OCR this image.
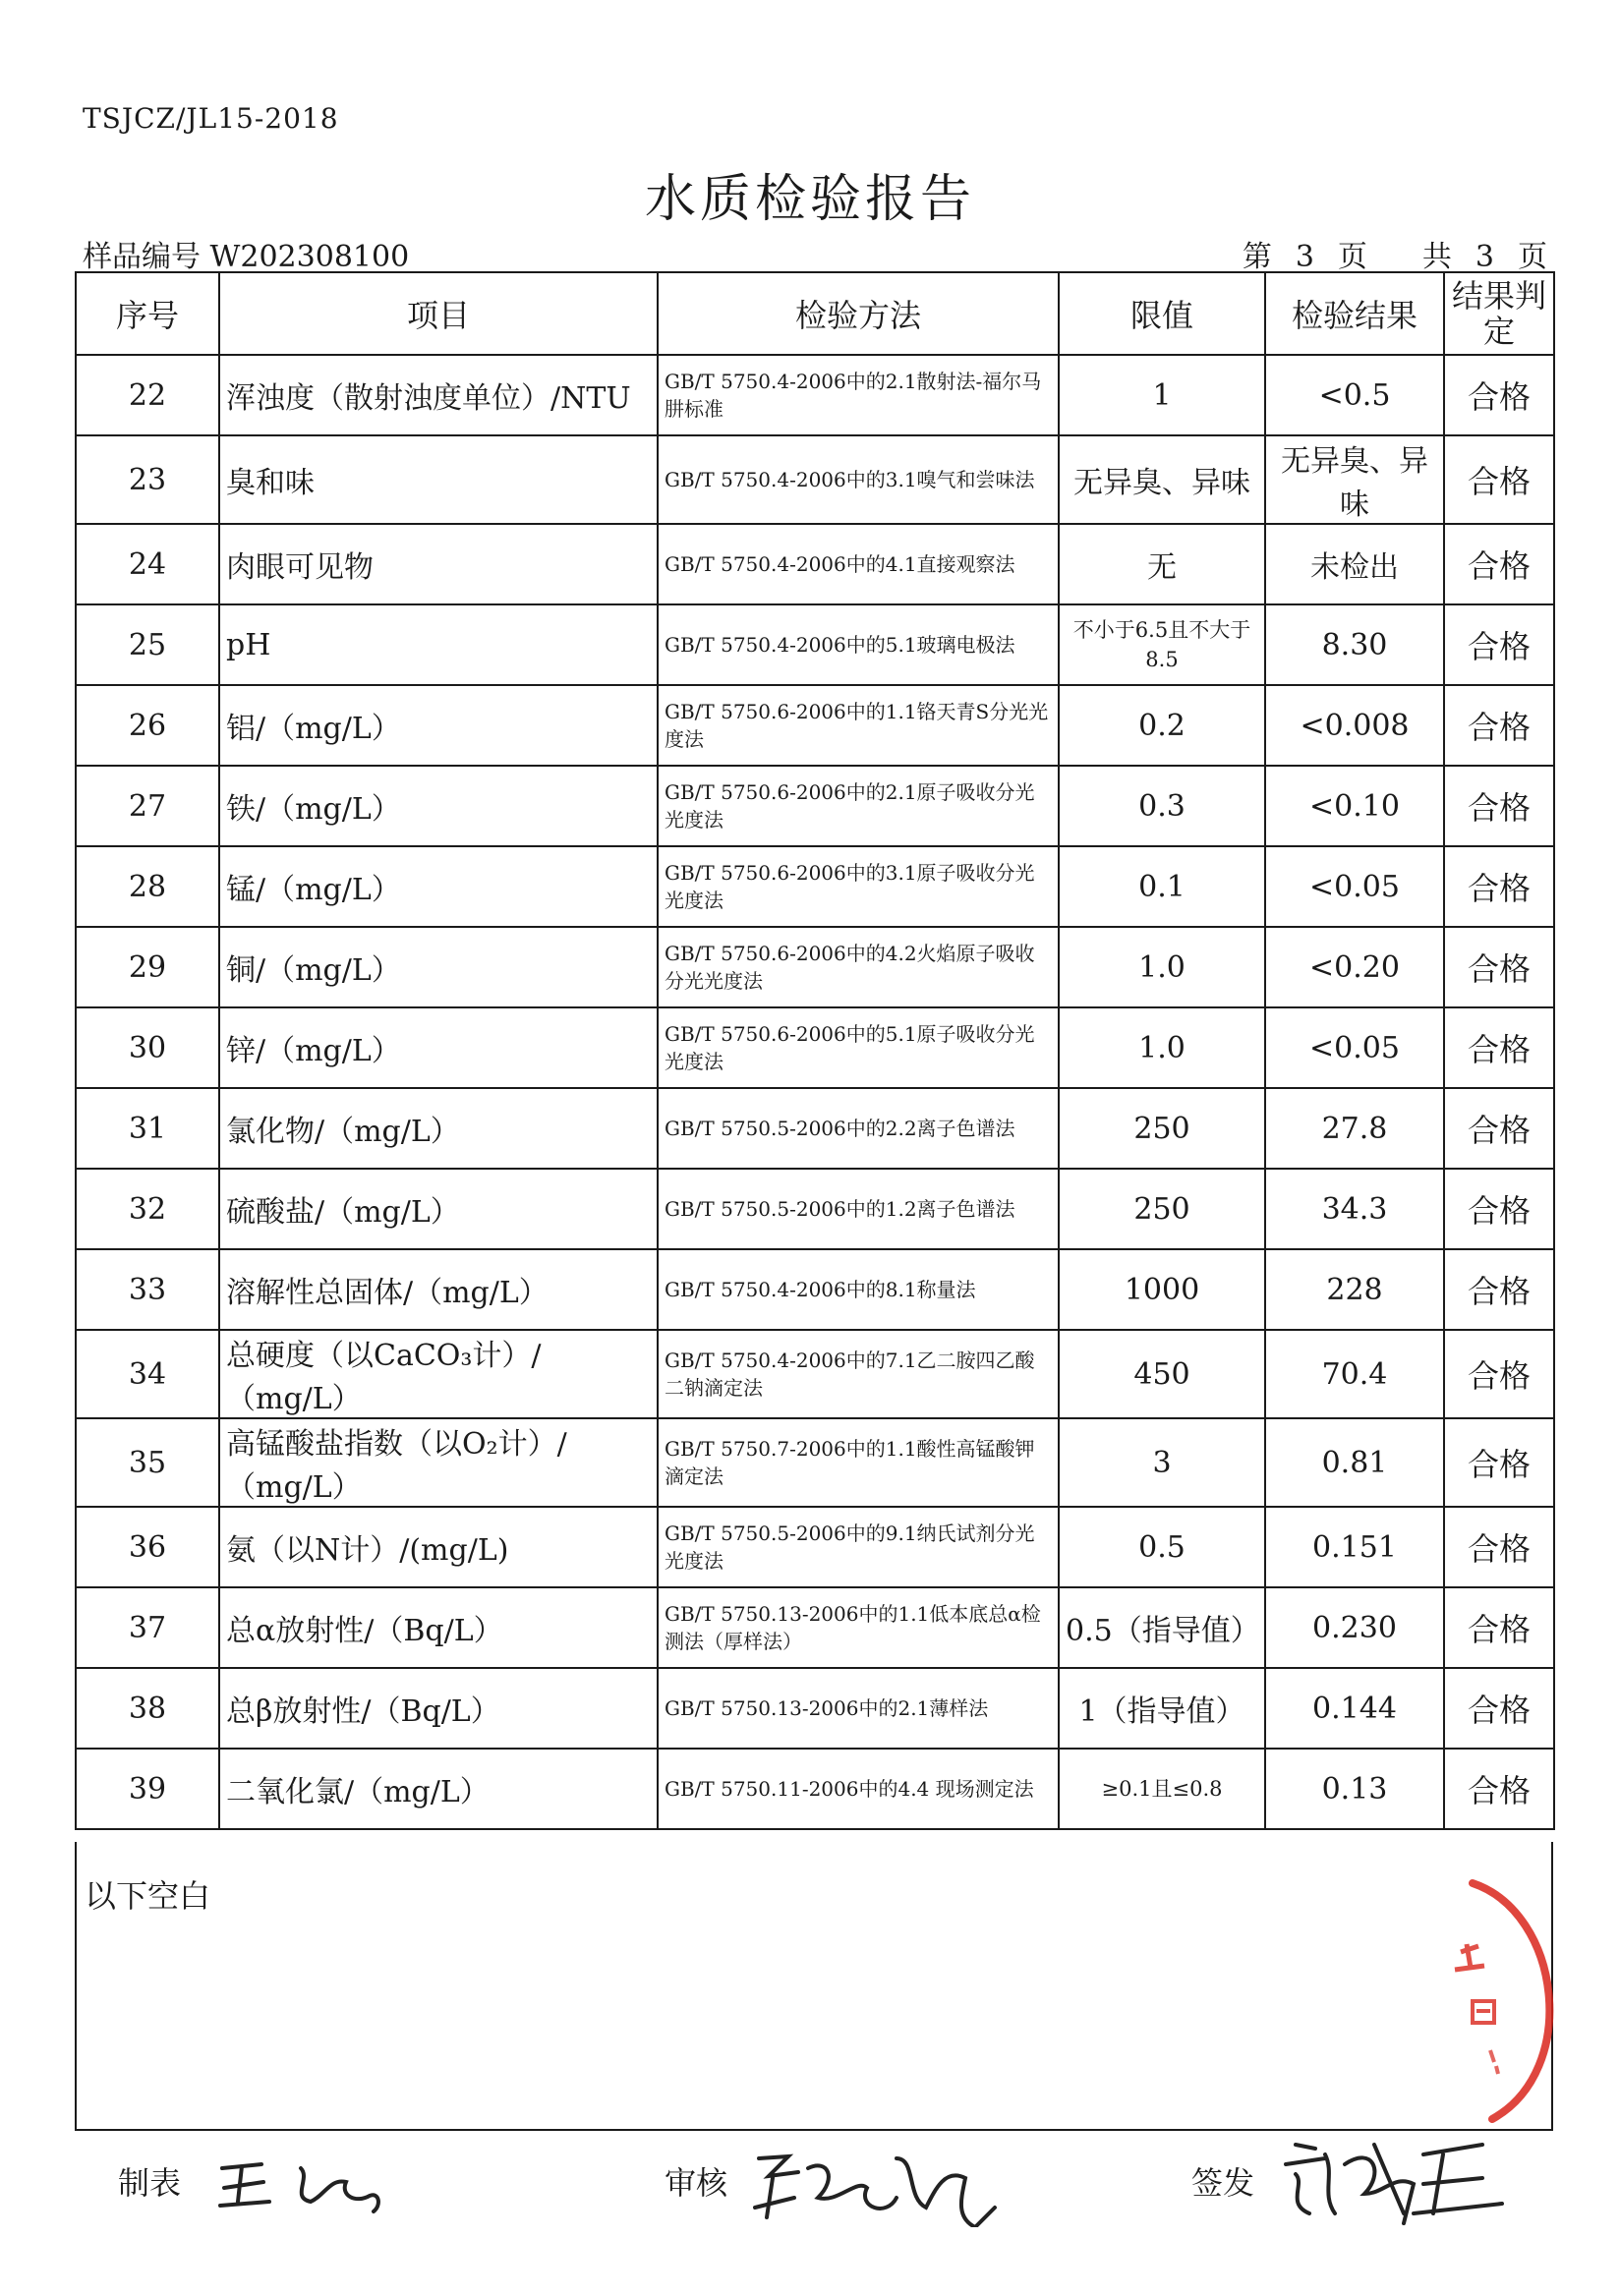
TSJCZ/JL15-2018
水质检验报告
样品编号 W202308100	第 3 页 共 3 页
序号	项目	检验方法	限值	检验结果	结果判定
22	浑浊度（散射浊度单位）/NTU	GB/T 5750.4-2006中的2.1散射法-福尔马肼标准	1	<0.5	合格
23	臭和味	GB/T 5750.4-2006中的3.1嗅气和尝味法	无异臭、异味	无异臭、异味	合格
24	肉眼可见物	GB/T 5750.4-2006中的4.1直接观察法	无	未检出	合格
25	pH	GB/T 5750.4-2006中的5.1玻璃电极法	不小于6.5且不大于8.5	8.30	合格
26	铝/（mg/L）	GB/T 5750.6-2006中的1.1铬天青S分光光度法	0.2	<0.008	合格
27	铁/（mg/L）	GB/T 5750.6-2006中的2.1原子吸收分光光度法	0.3	<0.10	合格
28	锰/（mg/L）	GB/T 5750.6-2006中的3.1原子吸收分光光度法	0.1	<0.05	合格
29	铜/（mg/L）	GB/T 5750.6-2006中的4.2火焰原子吸收分光光度法	1.0	<0.20	合格
30	锌/（mg/L）	GB/T 5750.6-2006中的5.1原子吸收分光光度法	1.0	<0.05	合格
31	氯化物/（mg/L）	GB/T 5750.5-2006中的2.2离子色谱法	250	27.8	合格
32	硫酸盐/（mg/L）	GB/T 5750.5-2006中的1.2离子色谱法	250	34.3	合格
33	溶解性总固体/（mg/L）	GB/T 5750.4-2006中的8.1称量法	1000	228	合格
34	总硬度（以CaCO₃计）/（mg/L）	GB/T 5750.4-2006中的7.1乙二胺四乙酸二钠滴定法	450	70.4	合格
35	高锰酸盐指数（以O₂计）/（mg/L）	GB/T 5750.7-2006中的1.1酸性高锰酸钾滴定法	3	0.81	合格
36	氨（以N计）/(mg/L)	GB/T 5750.5-2006中的9.1纳氏试剂分光光度法	0.5	0.151	合格
37	总α放射性/（Bq/L）	GB/T 5750.13-2006中的1.1低本底总α检测法（厚样法）	0.5（指导值）	0.230	合格
38	总β放射性/（Bq/L）	GB/T 5750.13-2006中的2.1薄样法	1（指导值）	0.144	合格
39	二氧化氯/（mg/L）	GB/T 5750.11-2006中的4.4 现场测定法	≥0.1且≤0.8	0.13	合格
以下空白
制表	审核	签发
